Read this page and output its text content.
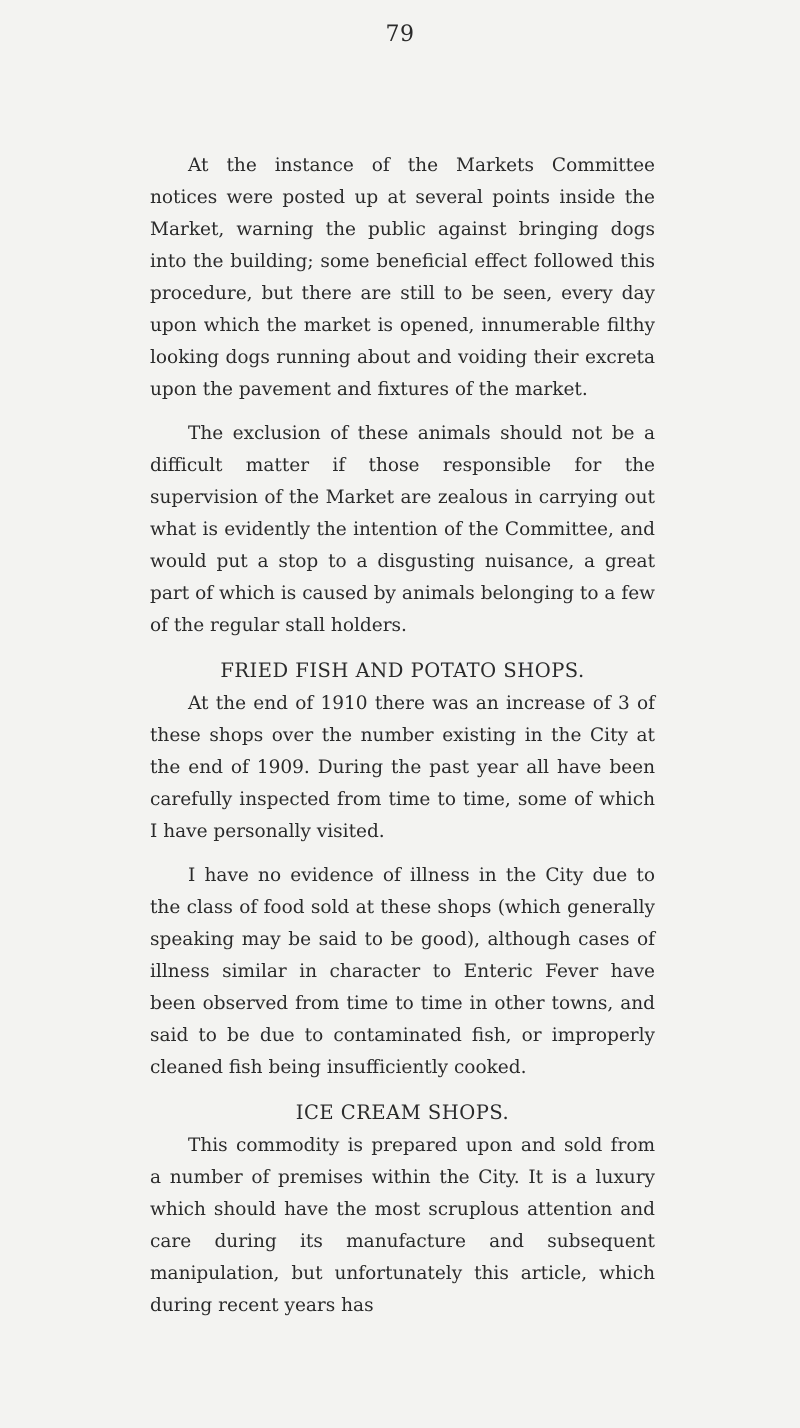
79

At the instance of the Markets Committee notices were posted up at several points inside the Market, warning the public against bringing dogs into the building; some beneficial effect followed this procedure, but there are still to be seen, every day upon which the market is opened, innumerable filthy looking dogs running about and voiding their excreta upon the pavement and fixtures of the market.

The exclusion of these animals should not be a difficult matter if those responsible for the supervision of the Market are zealous in carrying out what is evidently the intention of the Committee, and would put a stop to a disgusting nuisance, a great part of which is caused by animals belonging to a few of the regular stall holders.

FRIED FISH AND POTATO SHOPS.

At the end of 1910 there was an increase of 3 of these shops over the number existing in the City at the end of 1909. During the past year all have been carefully inspected from time to time, some of which I have personally visited.

I have no evidence of illness in the City due to the class of food sold at these shops (which generally speaking may be said to be good), although cases of illness similar in character to Enteric Fever have been observed from time to time in other towns, and said to be due to contaminated fish, or improperly cleaned fish being insufficiently cooked.

ICE CREAM SHOPS.

This commodity is prepared upon and sold from a number of premises within the City. It is a luxury which should have the most scruplous attention and care during its manufacture and subsequent manipulation, but unfortunately this article, which during recent years has
